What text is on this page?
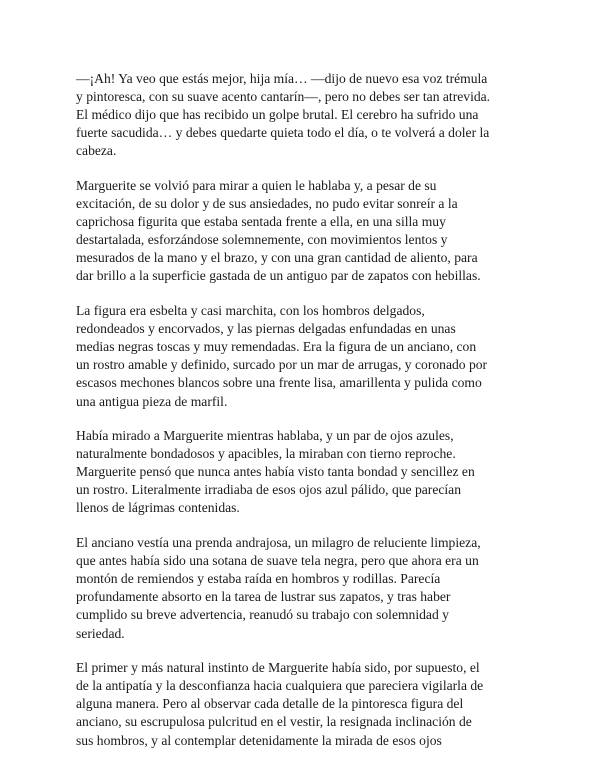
—¡Ah! Ya veo que estás mejor, hija mía… —dijo de nuevo esa voz trémula
y pintoresca, con su suave acento cantarín—, pero no debes ser tan atrevida.
El médico dijo que has recibido un golpe brutal. El cerebro ha sufrido una
fuerte sacudida… y debes quedarte quieta todo el día, o te volverá a doler la
cabeza.

Marguerite se volvió para mirar a quien le hablaba y, a pesar de su
excitación, de su dolor y de sus ansiedades, no pudo evitar sonreír a la
caprichosa figurita que estaba sentada frente a ella, en una silla muy
destartalada, esforzándose solemnemente, con movimientos lentos y
mesurados de la mano y el brazo, y con una gran cantidad de aliento, para
dar brillo a la superficie gastada de un antiguo par de zapatos con hebillas.

La figura era esbelta y casi marchita, con los hombros delgados,
redondeados y encorvados, y las piernas delgadas enfundadas en unas
medias negras toscas y muy remendadas. Era la figura de un anciano, con
un rostro amable y definido, surcado por un mar de arrugas, y coronado por
escasos mechones blancos sobre una frente lisa, amarillenta y pulida como
una antigua pieza de marfil.

Había mirado a Marguerite mientras hablaba, y un par de ojos azules,
naturalmente bondadosos y apacibles, la miraban con tierno reproche.
Marguerite pensó que nunca antes había visto tanta bondad y sencillez en
un rostro. Literalmente irradiaba de esos ojos azul pálido, que parecían
llenos de lágrimas contenidas.

El anciano vestía una prenda andrajosa, un milagro de reluciente limpieza,
que antes había sido una sotana de suave tela negra, pero que ahora era un
montón de remiendos y estaba raída en hombros y rodillas. Parecía
profundamente absorto en la tarea de lustrar sus zapatos, y tras haber
cumplido su breve advertencia, reanudó su trabajo con solemnidad y
seriedad.

El primer y más natural instinto de Marguerite había sido, por supuesto, el
de la antipatía y la desconfianza hacia cualquiera que pareciera vigilarla de
alguna manera. Pero al observar cada detalle de la pintoresca figura del
anciano, su escrupulosa pulcritud en el vestir, la resignada inclinación de
sus hombros, y al contemplar detenidamente la mirada de esos ojos
